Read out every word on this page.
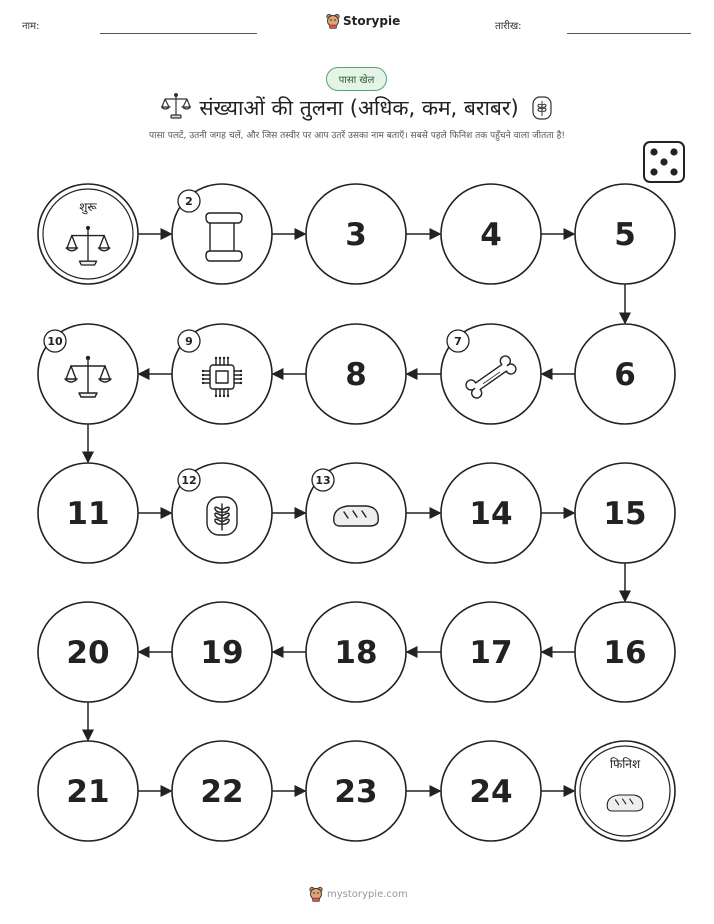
नाम:	Storypie	तारीख:
पासा खेल
संख्याओं की तुलना (अधिक, कम, बराबर)
पासा पलटें, उतनी जगह चलें, और जिस तस्वीर पर आप उतरें उसका नाम बताएँ। सबसे पहले फिनिश तक पहुँचने वाला जीतता है!
शुरू	2
3	4	5
6
7
8
9
10
11
12	13
14	15
16
17
18
19
20
21	22	23	24
फिनिश
mystorypie.com
